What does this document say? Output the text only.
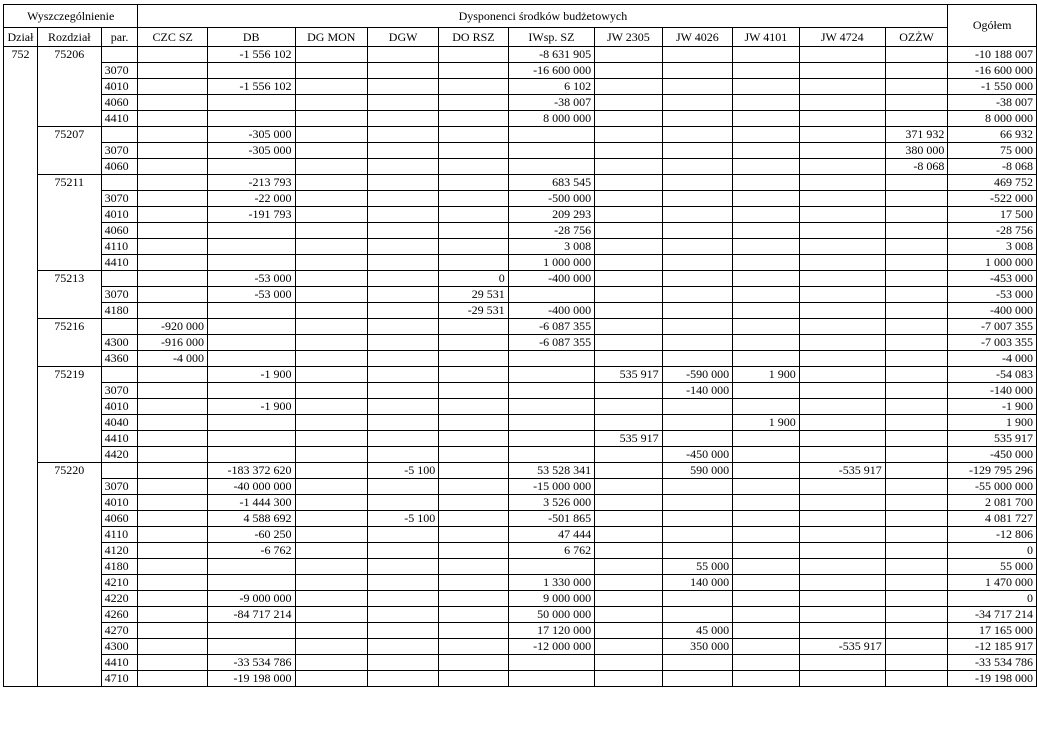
Wyszczególnienie			Dysponenci środków budżetowych											Ogółem
Dział	Rozdział	par.	CZC SZ	DB	DG MON	DGW	DO RSZ	IWsp. SZ	JW 2305	JW 4026	JW 4101	JW 4724	OZŻW	
752	75206			-1 556 102				-8 631 905						-10 188 007
		3070						-16 600 000						-16 600 000
		4010		-1 556 102				6 102						-1 550 000
		4060						-38 007						-38 007
		4410						8 000 000						8 000 000
	75207			-305 000									371 932	66 932
		3070		-305 000									380 000	75 000
		4060											-8 068	-8 068
	75211			-213 793				683 545						469 752
		3070		-22 000				-500 000						-522 000
		4010		-191 793				209 293						17 500
		4060						-28 756						-28 756
		4110						3 008						3 008
		4410						1 000 000						1 000 000
	75213			-53 000			0	-400 000						-453 000
		3070		-53 000			29 531							-53 000
		4180					-29 531	-400 000						-400 000
	75216		-920 000					-6 087 355						-7 007 355
		4300	-916 000					-6 087 355						-7 003 355
		4360	-4 000											-4 000
	75219			-1 900					535 917	-590 000	1 900			-54 083
		3070								-140 000				-140 000
		4010		-1 900										-1 900
		4040									1 900			1 900
		4410							535 917					535 917
		4420								-450 000				-450 000
	75220			-183 372 620		-5 100		53 528 341		590 000		-535 917		-129 795 296
		3070		-40 000 000				-15 000 000						-55 000 000
		4010		-1 444 300				3 526 000						2 081 700
		4060		4 588 692		-5 100		-501 865						4 081 727
		4110		-60 250				47 444						-12 806
		4120		-6 762				6 762						0
		4180								55 000				55 000
		4210						1 330 000		140 000				1 470 000
		4220		-9 000 000				9 000 000						0
		4260		-84 717 214				50 000 000						-34 717 214
		4270						17 120 000		45 000				17 165 000
		4300						-12 000 000		350 000		-535 917		-12 185 917
		4410		-33 534 786										-33 534 786
		4710		-19 198 000										-19 198 000
